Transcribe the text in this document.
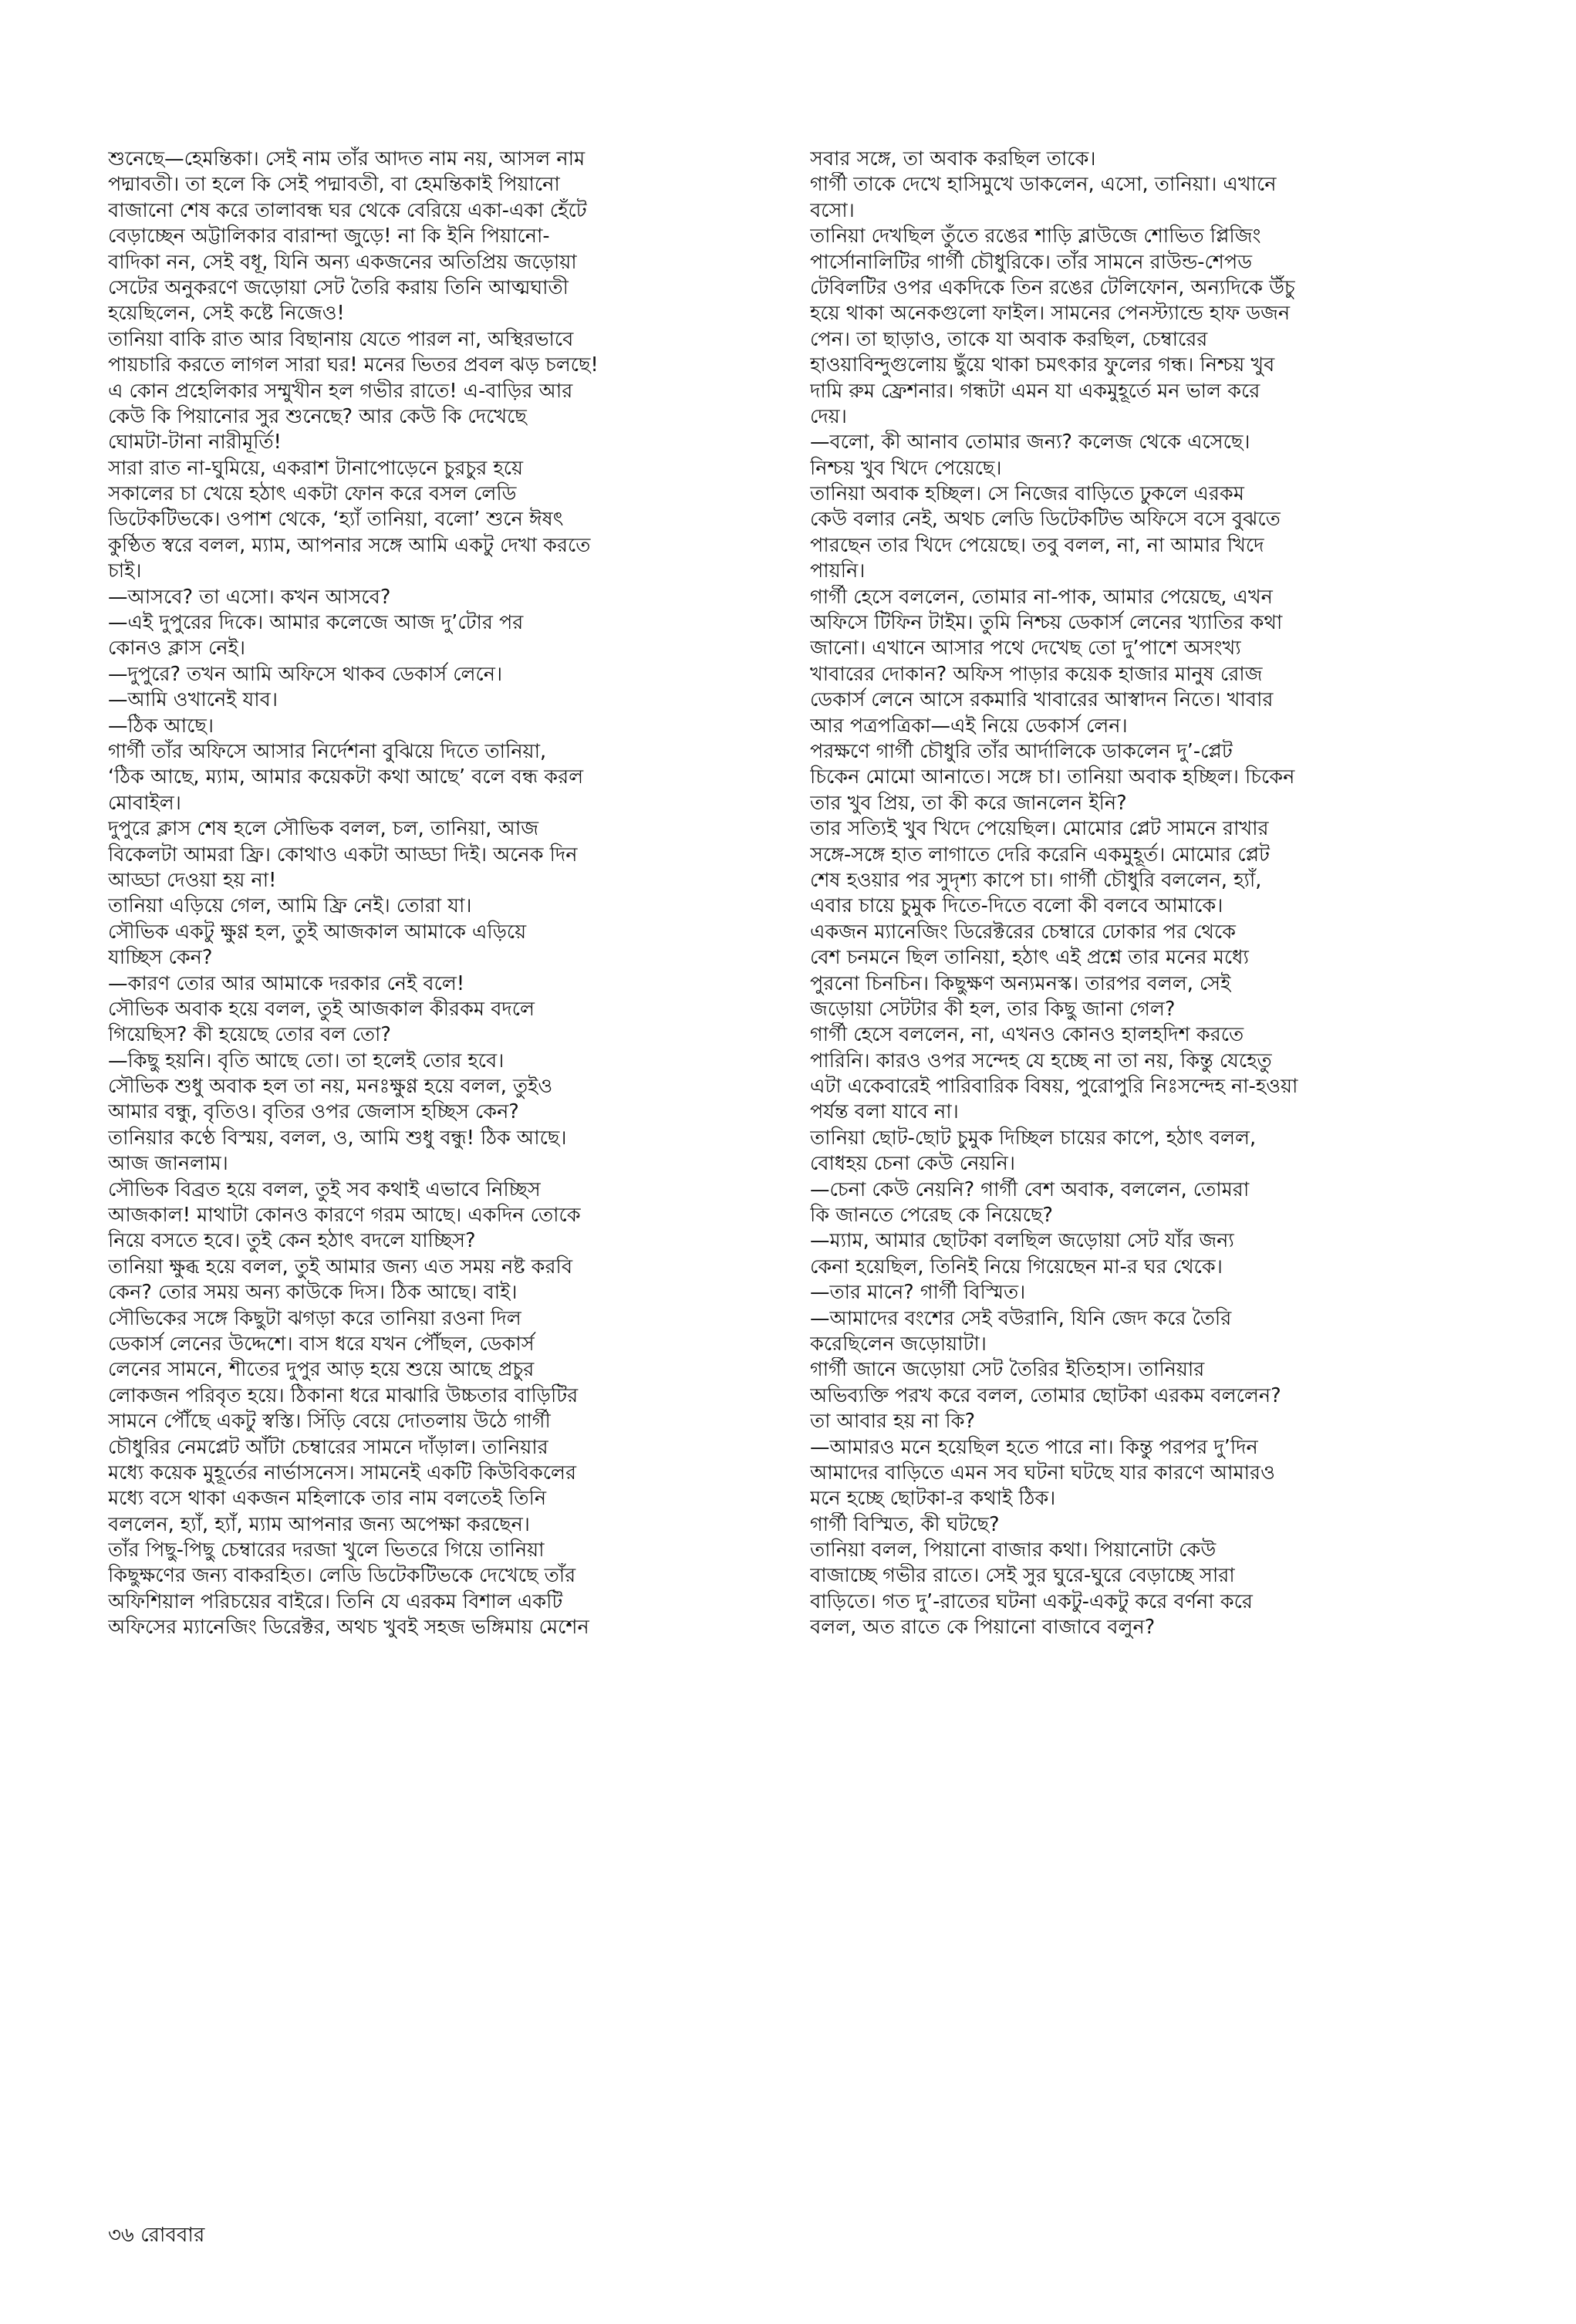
শুনেছে—হেমন্তিকা। সেই নাম তাঁর আদত নাম নয়, আসল নাম
পদ্মাবতী। তা হলে কি সেই পদ্মাবতী, বা হেমন্তিকাই পিয়ানো
বাজানো শেষ করে তালাবন্ধ ঘর থেকে বেরিয়ে একা-একা হেঁটে
বেড়াচ্ছেন অট্টালিকার বারান্দা জুড়ে! না কি ইনি পিয়ানো-
বাদিকা নন, সেই বধূ, যিনি অন্য একজনের অতিপ্রিয় জড়োয়া
সেটের অনুকরণে জড়োয়া সেট তৈরি করায় তিনি আত্মঘাতী
হয়েছিলেন, সেই কষ্টে নিজেও!
তানিয়া বাকি রাত আর বিছানায় যেতে পারল না, অস্থিরভাবে
পায়চারি করতে লাগল সারা ঘর! মনের ভিতর প্রবল ঝড় চলছে!
এ কোন প্রহেলিকার সম্মুখীন হল গভীর রাতে! এ-বাড়ির আর
কেউ কি পিয়ানোর সুর শুনেছে? আর কেউ কি দেখেছে
ঘোমটা-টানা নারীমূর্তি!
সারা রাত না-ঘুমিয়ে, একরাশ টানাপোড়েনে চুরচুর হয়ে
সকালের চা খেয়ে হঠাৎ একটা ফোন করে বসল লেডি
ডিটেকটিভকে। ওপাশ থেকে, ‘হ্যাঁ তানিয়া, বলো’ শুনে ঈষৎ
কুণ্ঠিত স্বরে বলল, ম্যাম, আপনার সঙ্গে আমি একটু দেখা করতে
চাই।
—আসবে? তা এসো। কখন আসবে?
—এই দুপুরের দিকে। আমার কলেজে আজ দু’টোর পর
কোনও ক্লাস নেই।
—দুপুরে? তখন আমি অফিসে থাকব ডেকার্স লেনে।
—আমি ওখানেই যাব।
—ঠিক আছে।
গার্গী তাঁর অফিসে আসার নির্দেশনা বুঝিয়ে দিতে তানিয়া,
‘ঠিক আছে, ম্যাম, আমার কয়েকটা কথা আছে’ বলে বন্ধ করল
মোবাইল।
দুপুরে ক্লাস শেষ হলে সৌভিক বলল, চল, তানিয়া, আজ
বিকেলটা আমরা ফ্রি। কোথাও একটা আড্ডা দিই। অনেক দিন
আড্ডা দেওয়া হয় না!
তানিয়া এড়িয়ে গেল, আমি ফ্রি নেই। তোরা যা।
সৌভিক একটু ক্ষুণ্ণ হল, তুই আজকাল আমাকে এড়িয়ে
যাচ্ছিস কেন?
—কারণ তোর আর আমাকে দরকার নেই বলে!
সৌভিক অবাক হয়ে বলল, তুই আজকাল কীরকম বদলে
গিয়েছিস? কী হয়েছে তোর বল তো?
—কিছু হয়নি। বৃতি আছে তো। তা হলেই তোর হবে।
সৌভিক শুধু অবাক হল তা নয়, মনঃক্ষুণ্ণ হয়ে বলল, তুইও
আমার বন্ধু, বৃতিও। বৃতির ওপর জেলাস হচ্ছিস কেন?
তানিয়ার কণ্ঠে বিস্ময়, বলল, ও, আমি শুধু বন্ধু! ঠিক আছে।
আজ জানলাম।
সৌভিক বিব্রত হয়ে বলল, তুই সব কথাই এভাবে নিচ্ছিস
আজকাল! মাথাটা কোনও কারণে গরম আছে। একদিন তোকে
নিয়ে বসতে হবে। তুই কেন হঠাৎ বদলে যাচ্ছিস?
তানিয়া ক্ষুব্ধ হয়ে বলল, তুই আমার জন্য এত সময় নষ্ট করবি
কেন? তোর সময় অন্য কাউকে দিস। ঠিক আছে। বাই।
সৌভিকের সঙ্গে কিছুটা ঝগড়া করে তানিয়া রওনা দিল
ডেকার্স লেনের উদ্দেশে। বাস ধরে যখন পৌঁছল, ডেকার্স
লেনের সামনে, শীতের দুপুর আড় হয়ে শুয়ে আছে প্রচুর
লোকজন পরিবৃত হয়ে। ঠিকানা ধরে মাঝারি উচ্চতার বাড়িটির
সামনে পৌঁছে একটু স্বস্তি। সিঁড়ি বেয়ে দোতলায় উঠে গার্গী
চৌধুরির নেমপ্লেট আঁটা চেম্বারের সামনে দাঁড়াল। তানিয়ার
মধ্যে কয়েক মুহূর্তের নার্ভাসনেস। সামনেই একটি কিউবিকলের
মধ্যে বসে থাকা একজন মহিলাকে তার নাম বলতেই তিনি
বললেন, হ্যাঁ, হ্যাঁ, ম্যাম আপনার জন্য অপেক্ষা করছেন।
তাঁর পিছু-পিছু চেম্বারের দরজা খুলে ভিতরে গিয়ে তানিয়া
কিছুক্ষণের জন্য বাকরহিত। লেডি ডিটেকটিভকে দেখেছে তাঁর
অফিশিয়াল পরিচয়ের বাইরে। তিনি যে এরকম বিশাল একটি
অফিসের ম্যানেজিং ডিরেক্টর, অথচ খুবই সহজ ভঙ্গিমায় মেশেন
সবার সঙ্গে, তা অবাক করছিল তাকে।
গার্গী তাকে দেখে হাসিমুখে ডাকলেন, এসো, তানিয়া। এখানে
বসো।
তানিয়া দেখছিল তুঁতে রঙের শাড়ি ব্লাউজে শোভিত প্লিজিং
পার্সোনালিটির গার্গী চৌধুরিকে। তাঁর সামনে রাউন্ড-শেপড
টেবিলটির ওপর একদিকে তিন রঙের টেলিফোন, অন্যদিকে উঁচু
হয়ে থাকা অনেকগুলো ফাইল। সামনের পেনস্ট্যান্ডে হাফ ডজন
পেন। তা ছাড়াও, তাকে যা অবাক করছিল, চেম্বারের
হাওয়াবিন্দুগুলোয় ছুঁয়ে থাকা চমৎকার ফুলের গন্ধ। নিশ্চয় খুব
দামি রুম ফ্রেশনার। গন্ধটা এমন যা একমুহূর্তে মন ভাল করে
দেয়।
—বলো, কী আনাব তোমার জন্য? কলেজ থেকে এসেছে।
নিশ্চয় খুব খিদে পেয়েছে।
তানিয়া অবাক হচ্ছিল। সে নিজের বাড়িতে ঢুকলে এরকম
কেউ বলার নেই, অথচ লেডি ডিটেকটিভ অফিসে বসে বুঝতে
পারছেন তার খিদে পেয়েছে। তবু বলল, না, না আমার খিদে
পায়নি।
গার্গী হেসে বললেন, তোমার না-পাক, আমার পেয়েছে, এখন
অফিসে টিফিন টাইম। তুমি নিশ্চয় ডেকার্স লেনের খ্যাতির কথা
জানো। এখানে আসার পথে দেখেছ তো দু’পাশে অসংখ্য
খাবারের দোকান? অফিস পাড়ার কয়েক হাজার মানুষ রোজ
ডেকার্স লেনে আসে রকমারি খাবারের আস্বাদন নিতে। খাবার
আর পত্রপত্রিকা—এই নিয়ে ডেকার্স লেন।
পরক্ষণে গার্গী চৌধুরি তাঁর আর্দালিকে ডাকলেন দু’-প্লেট
চিকেন মোমো আনাতে। সঙ্গে চা। তানিয়া অবাক হচ্ছিল। চিকেন
তার খুব প্রিয়, তা কী করে জানলেন ইনি?
তার সত্যিই খুব খিদে পেয়েছিল। মোমোর প্লেট সামনে রাখার
সঙ্গে-সঙ্গে হাত লাগাতে দেরি করেনি একমুহূর্ত। মোমোর প্লেট
শেষ হওয়ার পর সুদৃশ্য কাপে চা। গার্গী চৌধুরি বললেন, হ্যাঁ,
এবার চায়ে চুমুক দিতে-দিতে বলো কী বলবে আমাকে।
একজন ম্যানেজিং ডিরেক্টরের চেম্বারে ঢোকার পর থেকে
বেশ চনমনে ছিল তানিয়া, হঠাৎ এই প্রশ্নে তার মনের মধ্যে
পুরনো চিনচিন। কিছুক্ষণ অন্যমনস্ক। তারপর বলল, সেই
জড়োয়া সেটটার কী হল, তার কিছু জানা গেল?
গার্গী হেসে বললেন, না, এখনও কোনও হালহদিশ করতে
পারিনি। কারও ওপর সন্দেহ যে হচ্ছে না তা নয়, কিন্তু যেহেতু
এটা একেবারেই পারিবারিক বিষয়, পুরোপুরি নিঃসন্দেহ না-হওয়া
পর্যন্ত বলা যাবে না।
তানিয়া ছোট-ছোট চুমুক দিচ্ছিল চায়ের কাপে, হঠাৎ বলল,
বোধহয় চেনা কেউ নেয়নি।
—চেনা কেউ নেয়নি? গার্গী বেশ অবাক, বললেন, তোমরা
কি জানতে পেরেছ কে নিয়েছে?
—ম্যাম, আমার ছোটকা বলছিল জড়োয়া সেট যাঁর জন্য
কেনা হয়েছিল, তিনিই নিয়ে গিয়েছেন মা-র ঘর থেকে।
—তার মানে? গার্গী বিস্মিত।
—আমাদের বংশের সেই বউরানি, যিনি জেদ করে তৈরি
করেছিলেন জড়োয়াটা।
গার্গী জানে জড়োয়া সেট তৈরির ইতিহাস। তানিয়ার
অভিব্যক্তি পরখ করে বলল, তোমার ছোটকা এরকম বললেন?
তা আবার হয় না কি?
—আমারও মনে হয়েছিল হতে পারে না। কিন্তু পরপর দু’দিন
আমাদের বাড়িতে এমন সব ঘটনা ঘটছে যার কারণে আমারও
মনে হচ্ছে ছোটকা-র কথাই ঠিক।
গার্গী বিস্মিত, কী ঘটছে?
তানিয়া বলল, পিয়ানো বাজার কথা। পিয়ানোটা কেউ
বাজাচ্ছে গভীর রাতে। সেই সুর ঘুরে-ঘুরে বেড়াচ্ছে সারা
বাড়িতে। গত দু’-রাতের ঘটনা একটু-একটু করে বর্ণনা করে
বলল, অত রাতে কে পিয়ানো বাজাবে বলুন?
৩৬ রোববার
